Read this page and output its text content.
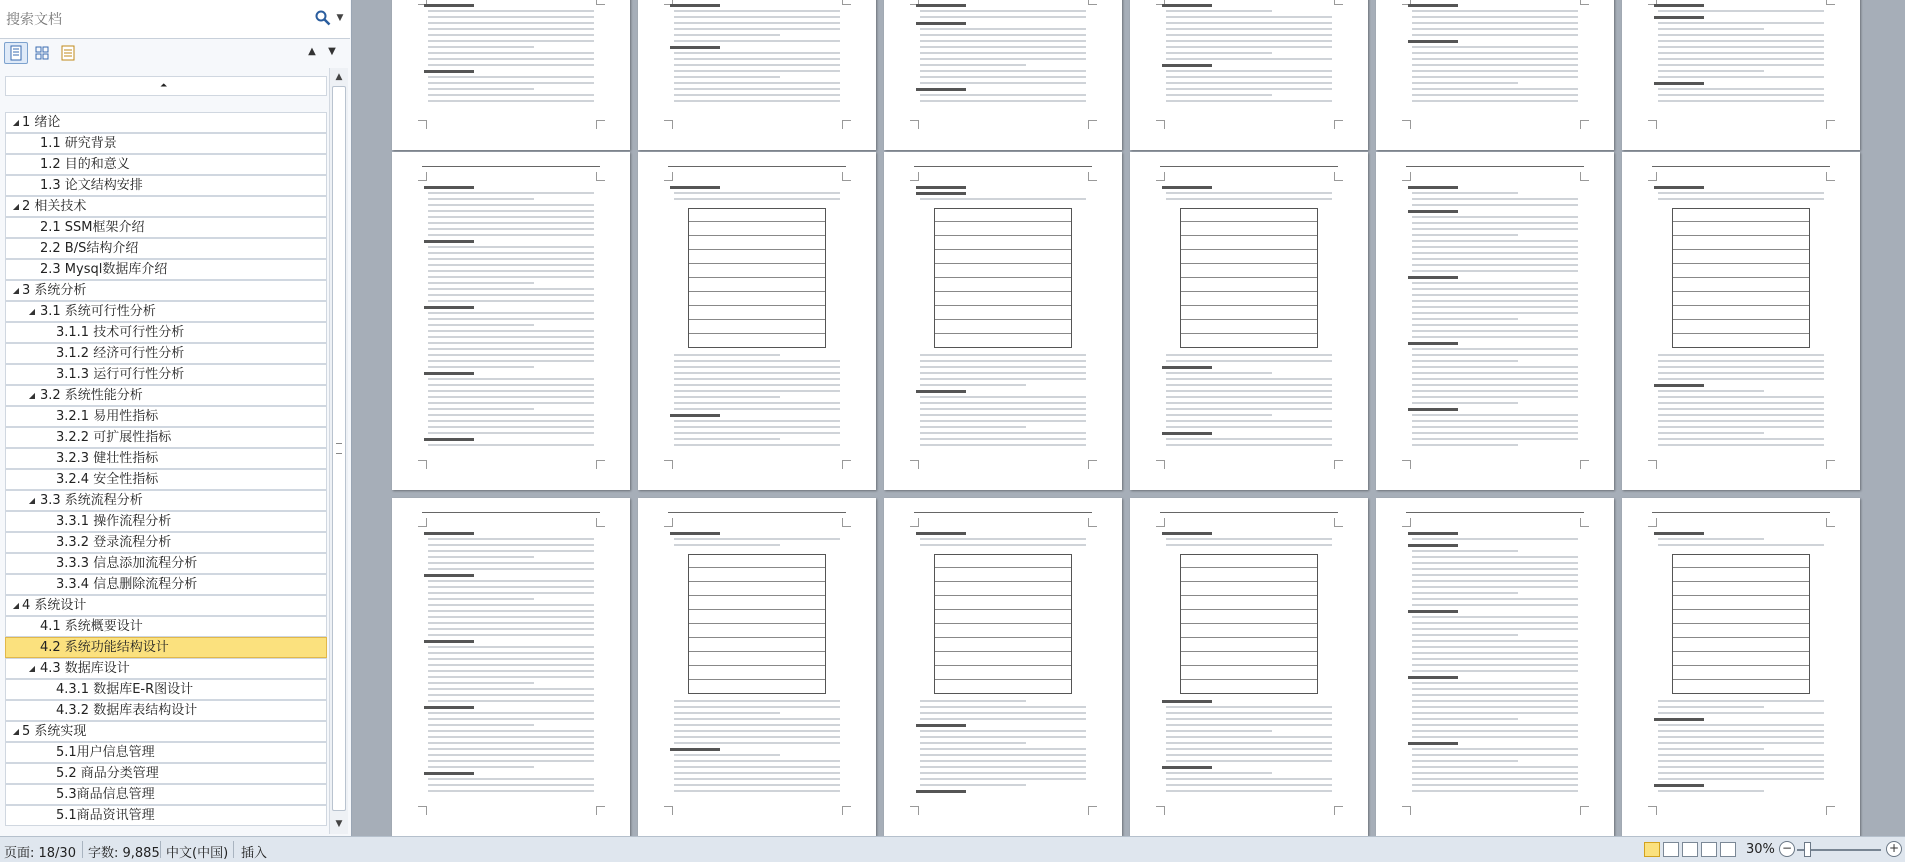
搜索文档
▼
▲	▼
⏶
◢ 1 绪论
1.1 研究背景
1.2 目的和意义
1.3 论文结构安排
◢ 2 相关技术
2.1 SSM框架介绍
2.2 B/S结构介绍
2.3 Mysql数据库介绍
◢ 3 系统分析
◢ 3.1 系统可行性分析
3.1.1 技术可行性分析
3.1.2 经济可行性分析
3.1.3 运行可行性分析
◢ 3.2 系统性能分析
3.2.1 易用性指标
3.2.2 可扩展性指标
3.2.3 健壮性指标
3.2.4 安全性指标
◢ 3.3 系统流程分析
3.3.1 操作流程分析
3.3.2 登录流程分析
3.3.3 信息添加流程分析
3.3.4 信息删除流程分析
◢ 4 系统设计
4.1 系统概要设计
4.2 系统功能结构设计
◢ 4.3 数据库设计
4.3.1 数据库E-R图设计
4.3.2 数据库表结构设计
◢ 5 系统实现
5.1用户信息管理
5.2 商品分类管理
5.3商品信息管理
5.1商品资讯管理
▲
▼
页面: 18/30 字数: 9,885 中文(中国) 插入	30% −	+
